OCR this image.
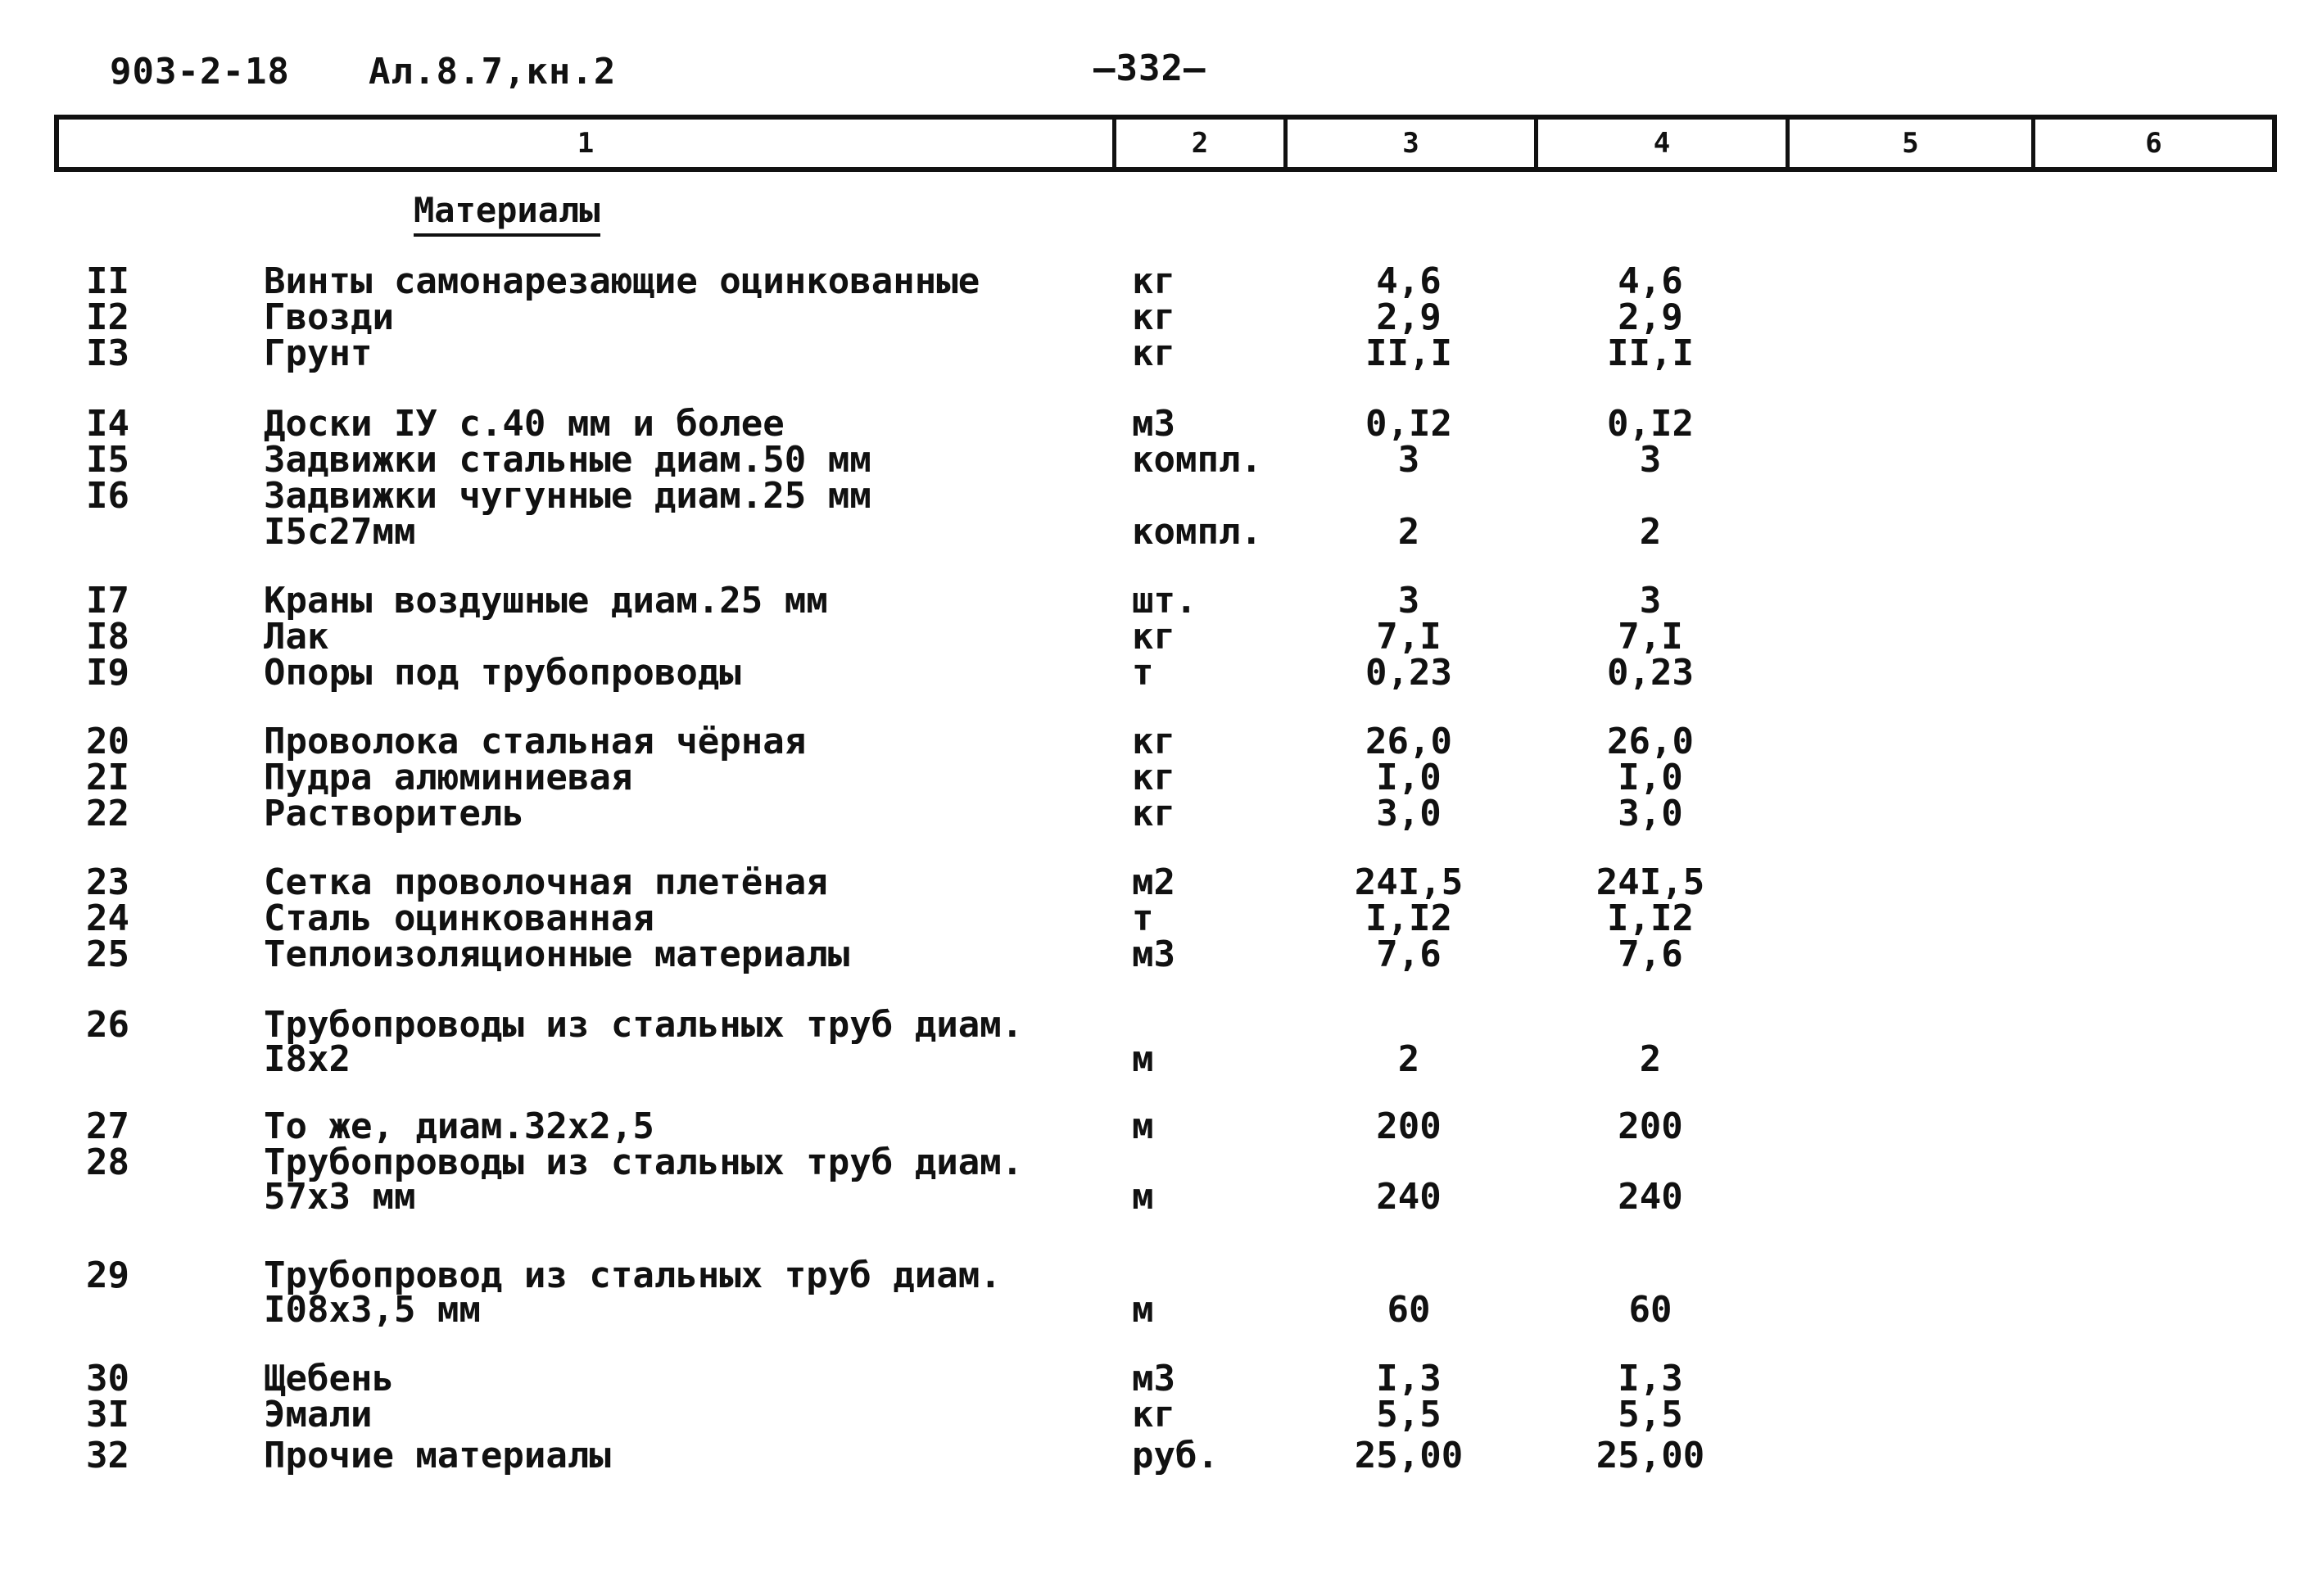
903-2-18 Ал.8.7,кн.2	—332—
1	2	3	4	5	6
Материалы
II	Винты самонарезающие оцинкованные	кг	4,6	4,6
I2	Гвозди	кг	2,9	2,9
I3	Грунт	кг	II,I	II,I
I4	Доски IУ с.40 мм и более	м3	0,I2	0,I2
I5	Задвижки стальные диам.50 мм	компл.	3	3
I6	Задвижки чугунные диам.25 мм
I5с27мм	компл.	2	2
I7	Краны воздушные диам.25 мм	шт.	3	3
I8	Лак	кг	7,I	7,I
I9	Опоры под трубопроводы	т	0,23	0,23
20	Проволока стальная чёрная	кг	26,0	26,0
2I	Пудра алюминиевая	кг	I,0	I,0
22	Растворитель	кг	3,0	3,0
23	Сетка проволочная плетёная	м2	24I,5	24I,5
24	Сталь оцинкованная	т	I,I2	I,I2
25	Теплоизоляционные материалы	м3	7,6	7,6
26	Трубопроводы из стальных труб диам.
I8х2	м	2	2
27	То же, диам.32х2,5	м	200	200
28	Трубопроводы из стальных труб диам.
57х3 мм	м	240	240
29	Трубопровод из стальных труб диам.
I08х3,5 мм	м	60	60
30	Щебень	м3	I,3	I,3
3I	Эмали	кг	5,5	5,5
32	Прочие материалы	руб.	25,00	25,00
